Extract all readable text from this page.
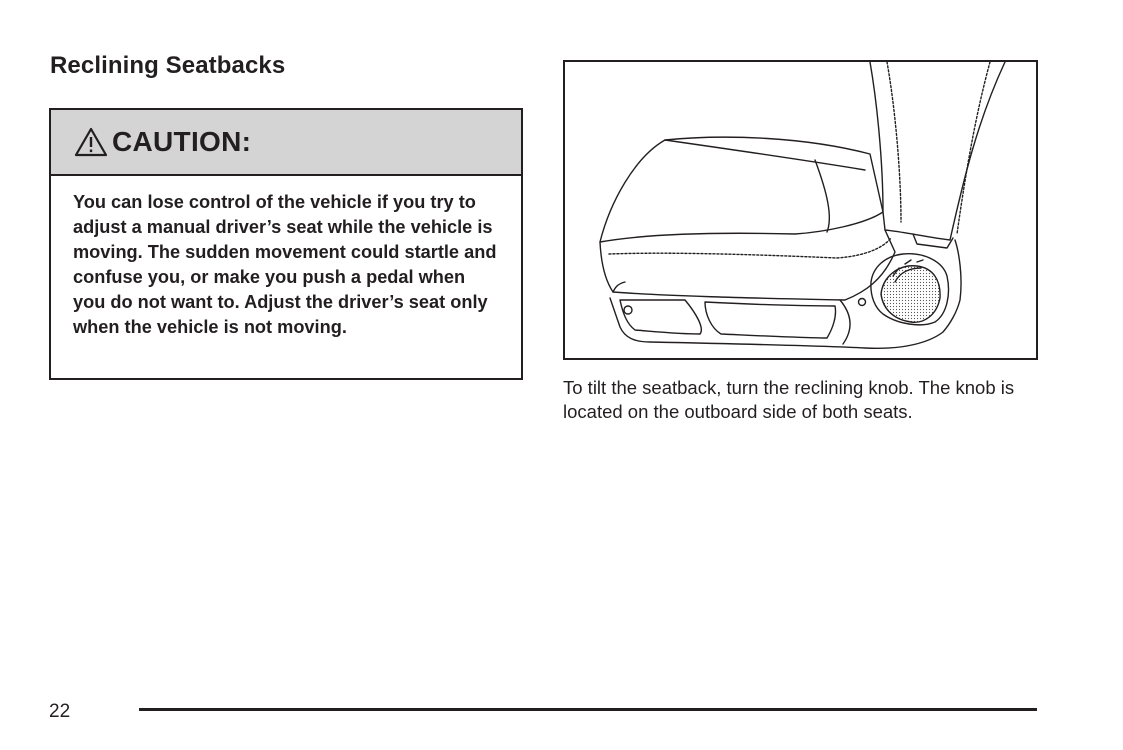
Reclining Seatbacks
CAUTION:
You can lose control of the vehicle if you try to adjust a manual driver’s seat while the vehicle is moving. The sudden movement could startle and confuse you, or make you push a pedal when you do not want to. Adjust the driver’s seat only when the vehicle is not moving.
To tilt the seatback, turn the reclining knob. The knob is located on the outboard side of both seats.
22
